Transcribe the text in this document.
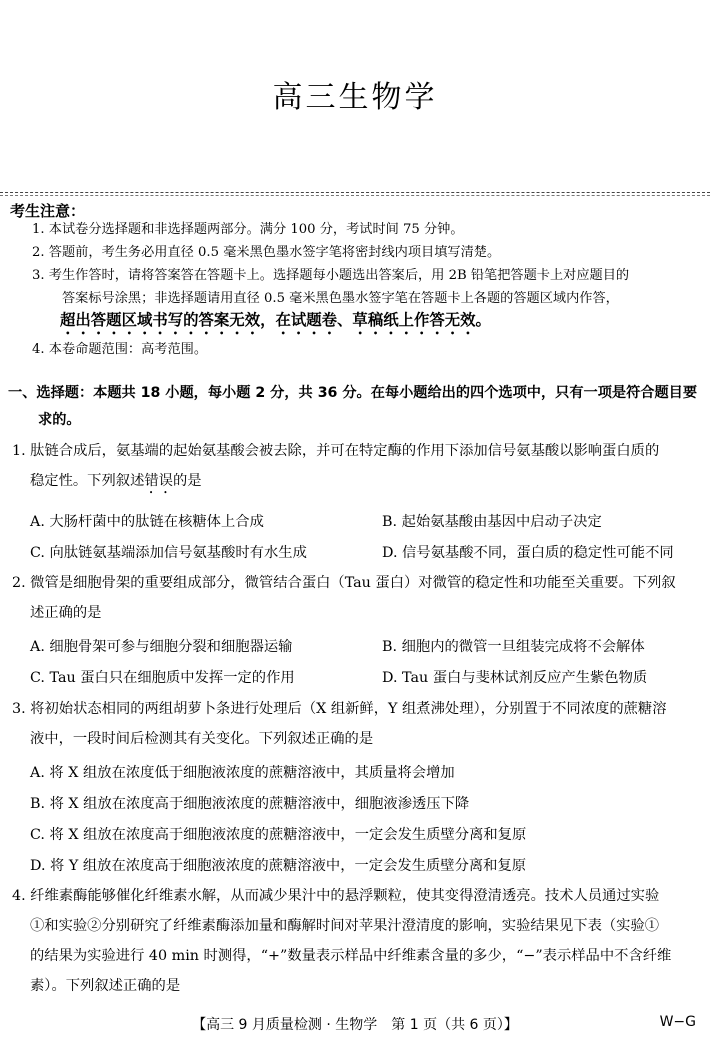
高三生物学
考生注意：
1. 本试卷分选择题和非选择题两部分。满分 100 分，考试时间 75 分钟。
2. 答题前，考生务必用直径 0.5 毫米黑色墨水签字笔将密封线内项目填写清楚。
3. 考生作答时，请将答案答在答题卡上。选择题每小题选出答案后，用 2B 铅笔把答题卡上对应题目的
答案标号涂黑；非选择题请用直径 0.5 毫米黑色墨水签字笔在答题卡上各题的答题区域内作答，
超出答题区域书写的答案无效，在试题卷、草稿纸上作答无效。
4. 本卷命题范围：高考范围。
一、选择题：本题共 18 小题，每小题 2 分，共 36 分。在每小题给出的四个选项中，只有一项是符合题目要
求的。
1. 肽链合成后，氨基端的起始氨基酸会被去除，并可在特定酶的作用下添加信号氨基酸以影响蛋白质的
稳定性。下列叙述错误的是
A. 大肠杆菌中的肽链在核糖体上合成	B. 起始氨基酸由基因中启动子决定
C. 向肽链氨基端添加信号氨基酸时有水生成	D. 信号氨基酸不同，蛋白质的稳定性可能不同
2. 微管是细胞骨架的重要组成部分，微管结合蛋白（Tau 蛋白）对微管的稳定性和功能至关重要。下列叙
述正确的是
A. 细胞骨架可参与细胞分裂和细胞器运输	B. 细胞内的微管一旦组装完成将不会解体
C. Tau 蛋白只在细胞质中发挥一定的作用	D. Tau 蛋白与斐林试剂反应产生紫色物质
3. 将初始状态相同的两组胡萝卜条进行处理后（X 组新鲜，Y 组煮沸处理），分别置于不同浓度的蔗糖溶
液中，一段时间后检测其有关变化。下列叙述正确的是
A. 将 X 组放在浓度低于细胞液浓度的蔗糖溶液中，其质量将会增加
B. 将 X 组放在浓度高于细胞液浓度的蔗糖溶液中，细胞液渗透压下降
C. 将 X 组放在浓度高于细胞液浓度的蔗糖溶液中，一定会发生质壁分离和复原
D. 将 Y 组放在浓度高于细胞液浓度的蔗糖溶液中，一定会发生质壁分离和复原
4. 纤维素酶能够催化纤维素水解，从而减少果汁中的悬浮颗粒，使其变得澄清透亮。技术人员通过实验
①和实验②分别研究了纤维素酶添加量和酶解时间对苹果汁澄清度的影响，实验结果见下表（实验①
的结果为实验进行 40 min 时测得，“+”数量表示样品中纤维素含量的多少，“−”表示样品中不含纤维
素）。下列叙述正确的是
【高三 9 月质量检测 · 生物学　第 1 页（共 6 页）】	W−G
